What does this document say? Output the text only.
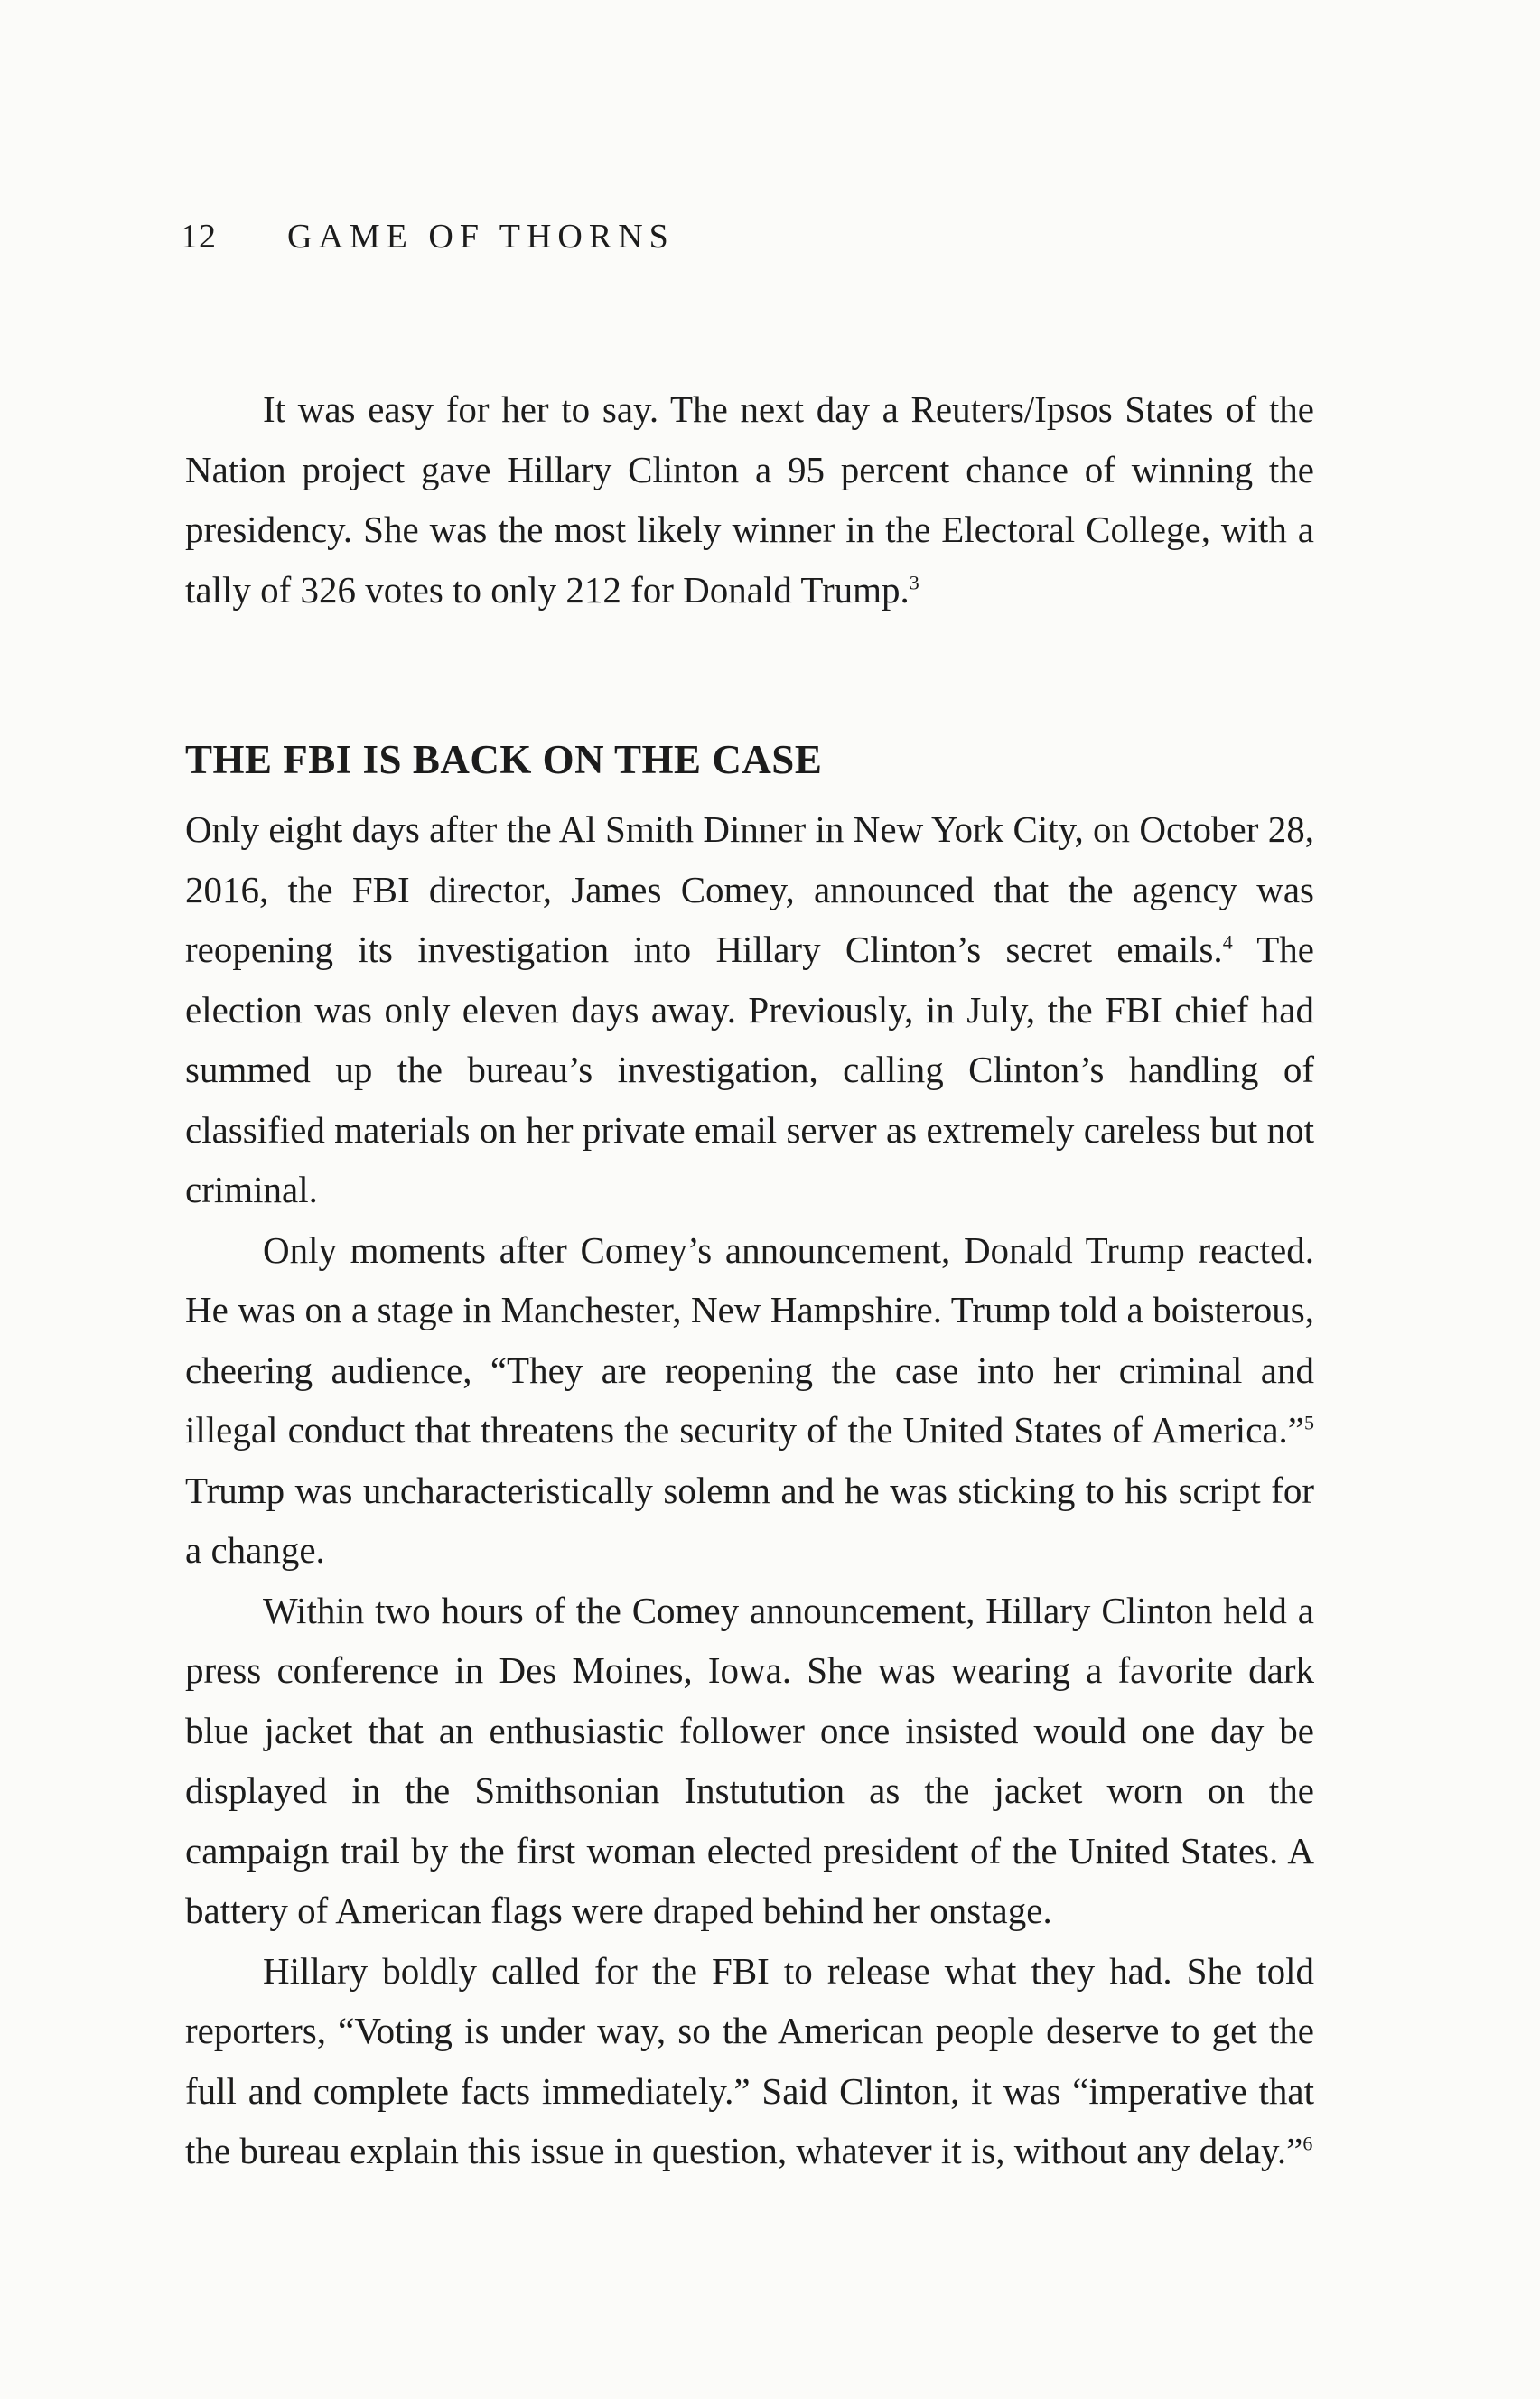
12 GAME OF THORNS

It was easy for her to say. The next day a Reuters/Ipsos States of the Nation project gave Hillary Clinton a 95 percent chance of winning the presidency. She was the most likely winner in the Electoral College, with a tally of 326 votes to only 212 for Donald Trump.$^3$

THE FBI IS BACK ON THE CASE

Only eight days after the Al Smith Dinner in New York City, on October 28, 2016, the FBI director, James Comey, announced that the agency was reopening its investigation into Hillary Clinton’s secret emails.$^4$ The election was only eleven days away. Previously, in July, the FBI chief had summed up the bureau’s investigation, calling Clinton’s handling of classified materials on her private email server as extremely careless but not criminal.

Only moments after Comey’s announcement, Donald Trump reacted. He was on a stage in Manchester, New Hampshire. Trump told a boisterous, cheering audience, “They are reopening the case into her criminal and illegal conduct that threatens the security of the United States of America.”$^5$ Trump was uncharacteristically solemn and he was sticking to his script for a change.

Within two hours of the Comey announcement, Hillary Clinton held a press conference in Des Moines, Iowa. She was wearing a favorite dark blue jacket that an enthusiastic follower once insisted would one day be displayed in the Smithsonian Instutution as the jacket worn on the campaign trail by the first woman elected president of the United States. A battery of American flags were draped behind her onstage.

Hillary boldly called for the FBI to release what they had. She told reporters, “Voting is under way, so the American people deserve to get the full and complete facts immediately.” Said Clinton, it was “imperative that the bureau explain this issue in question, whatever it is, without any delay.”$^6$
